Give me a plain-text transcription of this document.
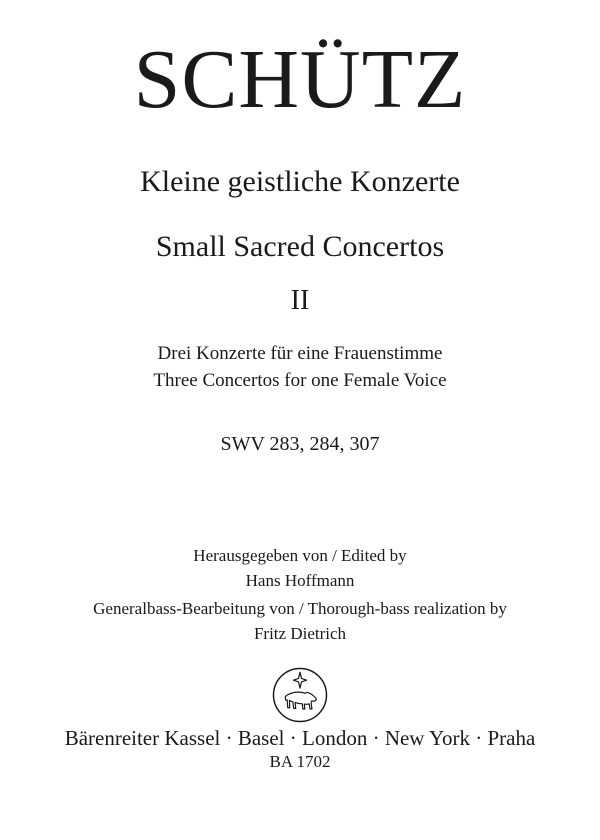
SCHÜTZ
Kleine geistliche Konzerte
Small Sacred Concertos
II
Drei Konzerte für eine Frauenstimme
Three Concertos for one Female Voice
SWV 283, 284, 307
Herausgegeben von / Edited by
Hans Hoffmann
Generalbass-Bearbeitung von / Thorough-bass realization by
Fritz Dietrich
Bärenreiter Kassel · Basel · London · New York · Praha
BA 1702
